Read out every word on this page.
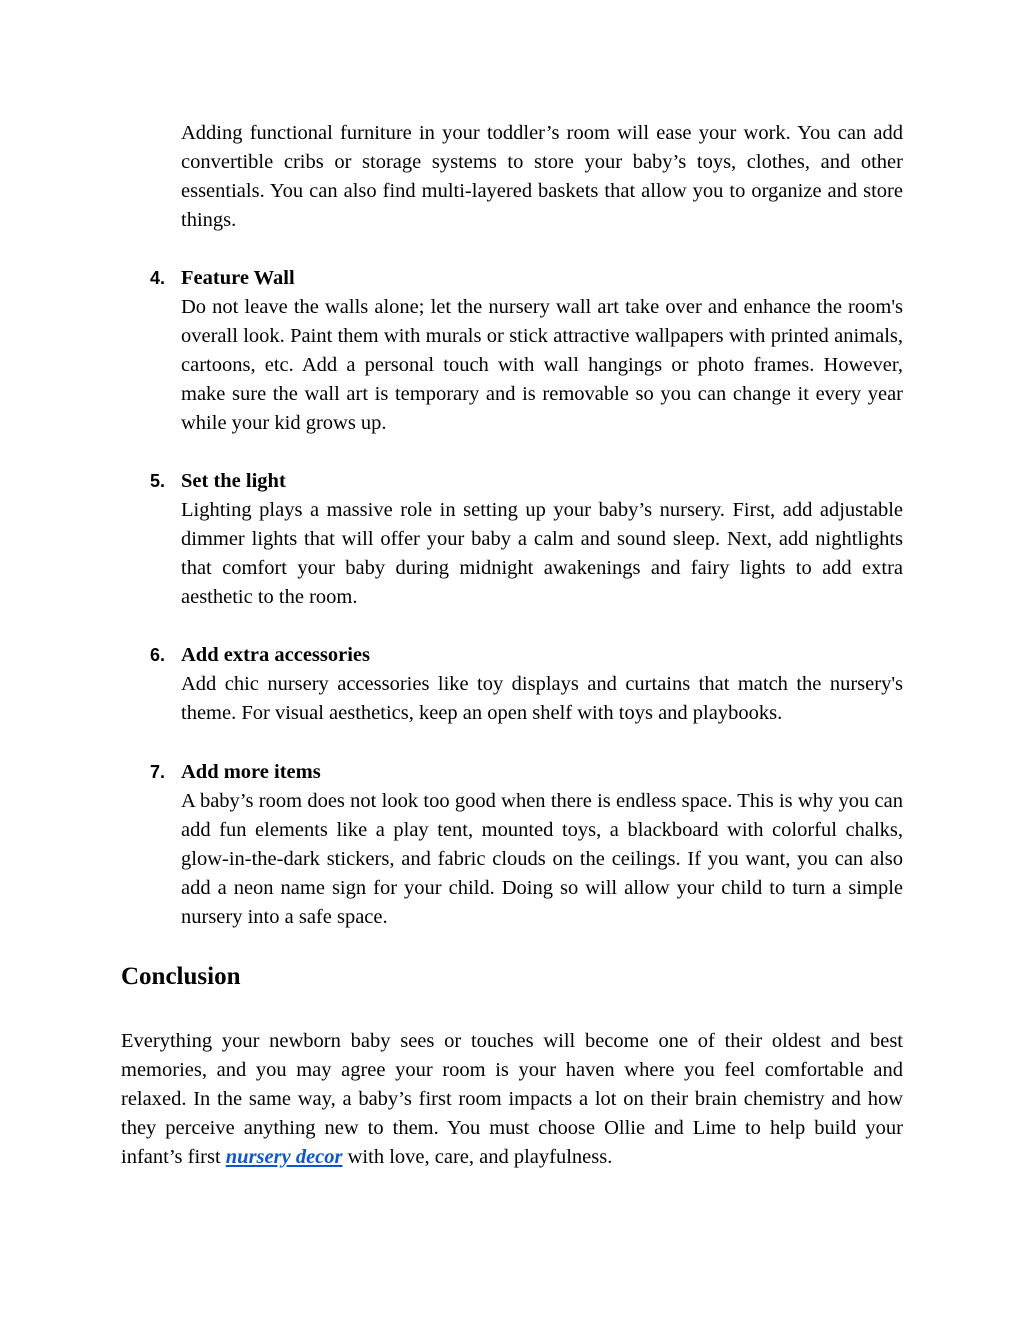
Adding functional furniture in your toddler’s room will ease your work. You can add convertible cribs or storage systems to store your baby’s toys, clothes, and other essentials. You can also find multi-layered baskets that allow you to organize and store things.

4. Feature Wall

Do not leave the walls alone; let the nursery wall art take over and enhance the room's overall look. Paint them with murals or stick attractive wallpapers with printed animals, cartoons, etc. Add a personal touch with wall hangings or photo frames. However, make sure the wall art is temporary and is removable so you can change it every year while your kid grows up.

5. Set the light

Lighting plays a massive role in setting up your baby’s nursery. First, add adjustable dimmer lights that will offer your baby a calm and sound sleep. Next, add nightlights that comfort your baby during midnight awakenings and fairy lights to add extra aesthetic to the room.

6. Add extra accessories

Add chic nursery accessories like toy displays and curtains that match the nursery's theme. For visual aesthetics, keep an open shelf with toys and playbooks.

7. Add more items

A baby’s room does not look too good when there is endless space. This is why you can add fun elements like a play tent, mounted toys, a blackboard with colorful chalks, glow-in-the-dark stickers, and fabric clouds on the ceilings. If you want, you can also add a neon name sign for your child. Doing so will allow your child to turn a simple nursery into a safe space.

Conclusion

Everything your newborn baby sees or touches will become one of their oldest and best memories, and you may agree your room is your haven where you feel comfortable and relaxed. In the same way, a baby’s first room impacts a lot on their brain chemistry and how they perceive anything new to them. You must choose Ollie and Lime to help build your infant’s first nursery decor with love, care, and playfulness.
